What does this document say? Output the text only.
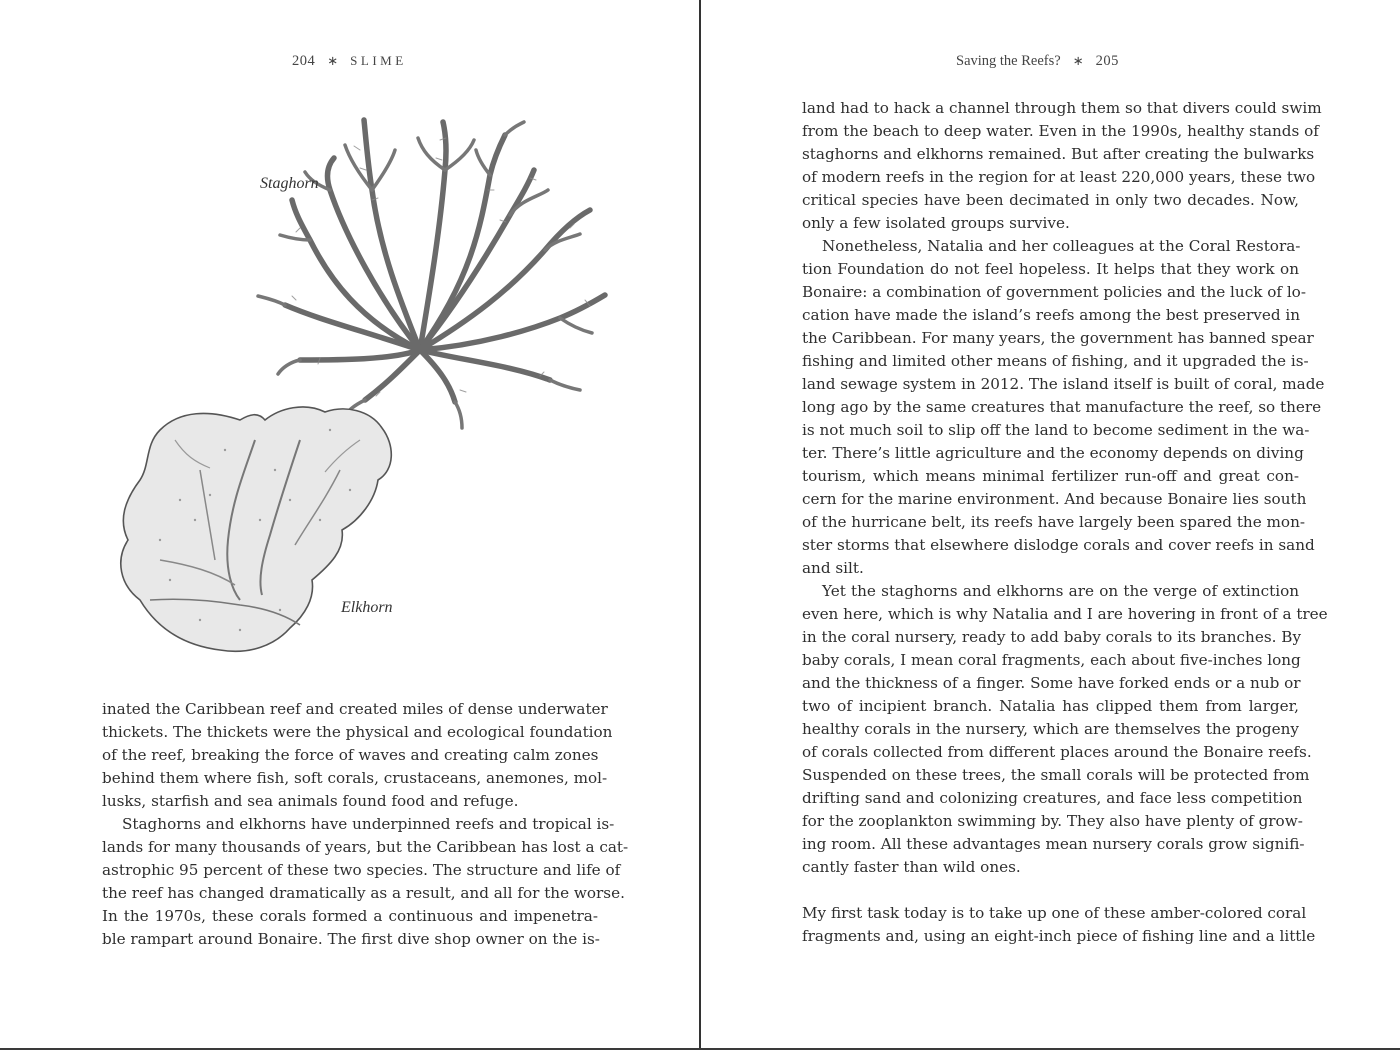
204 ∗ SLIME
Staghorn
Elkhorn
inated the Caribbean reef and created miles of dense underwater
thickets. The thickets were the physical and ecological foundation
of the reef, breaking the force of waves and creating calm zones
behind them where fish, soft corals, crustaceans, anemones, mol-
lusks, starfish and sea animals found food and refuge.
Staghorns and elkhorns have underpinned reefs and tropical is-
lands for many thousands of years, but the Caribbean has lost a cat-
astrophic 95 percent of these two species. The structure and life of
the reef has changed dramatically as a result, and all for the worse.
In the 1970s, these corals formed a continuous and impenetra-
ble rampart around Bonaire. The first dive shop owner on the is-
Saving the Reefs? ∗ 205
land had to hack a channel through them so that divers could swim
from the beach to deep water. Even in the 1990s, healthy stands of
staghorns and elkhorns remained. But after creating the bulwarks
of modern reefs in the region for at least 220,000 years, these two
critical species have been decimated in only two decades. Now,
only a few isolated groups survive.
Nonetheless, Natalia and her colleagues at the Coral Restora-
tion Foundation do not feel hopeless. It helps that they work on
Bonaire: a combination of government policies and the luck of lo-
cation have made the island’s reefs among the best preserved in
the Caribbean. For many years, the government has banned spear
fishing and limited other means of fishing, and it upgraded the is-
land sewage system in 2012. The island itself is built of coral, made
long ago by the same creatures that manufacture the reef, so there
is not much soil to slip off the land to become sediment in the wa-
ter. There’s little agriculture and the economy depends on diving
tourism, which means minimal fertilizer run-off and great con-
cern for the marine environment. And because Bonaire lies south
of the hurricane belt, its reefs have largely been spared the mon-
ster storms that elsewhere dislodge corals and cover reefs in sand
and silt.
Yet the staghorns and elkhorns are on the verge of extinction
even here, which is why Natalia and I are hovering in front of a tree
in the coral nursery, ready to add baby corals to its branches. By
baby corals, I mean coral fragments, each about five-inches long
and the thickness of a finger. Some have forked ends or a nub or
two of incipient branch. Natalia has clipped them from larger,
healthy corals in the nursery, which are themselves the progeny
of corals collected from different places around the Bonaire reefs.
Suspended on these trees, the small corals will be protected from
drifting sand and colonizing creatures, and face less competition
for the zooplankton swimming by. They also have plenty of grow-
ing room. All these advantages mean nursery corals grow signifi-
cantly faster than wild ones.
My first task today is to take up one of these amber-colored coral
fragments and, using an eight-inch piece of fishing line and a little
